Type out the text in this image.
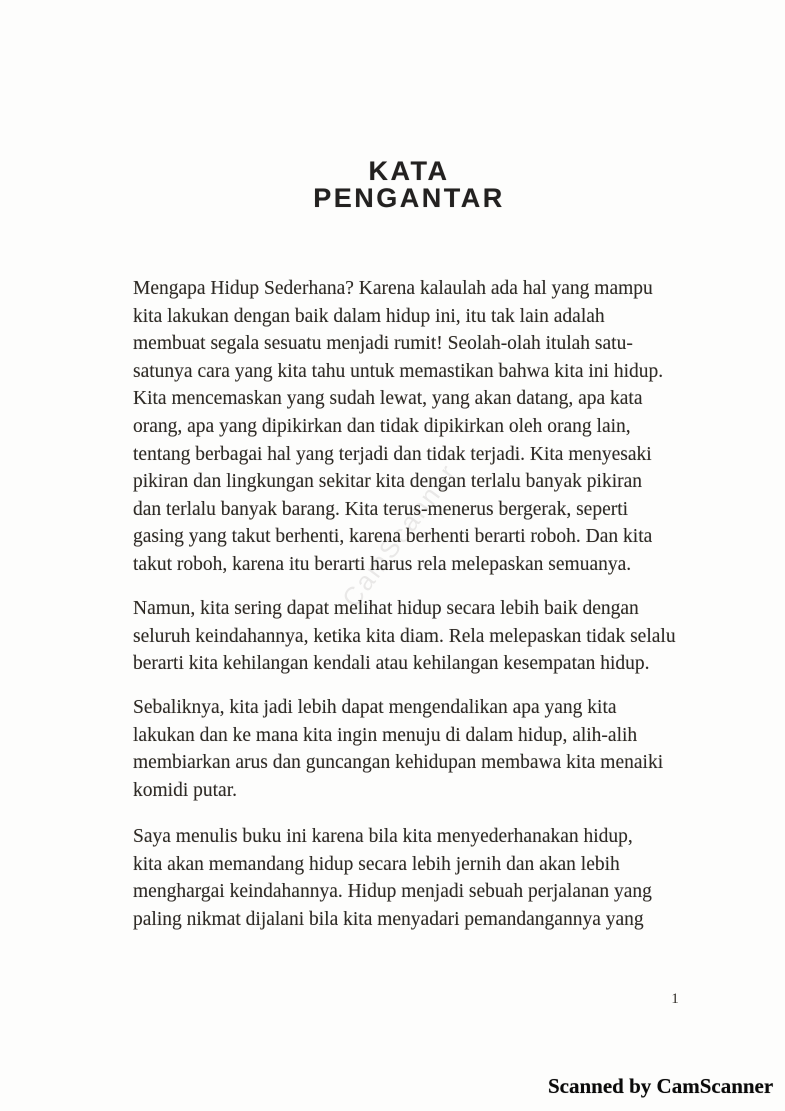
KATA
PENGANTAR
CamScanner
Mengapa Hidup Sederhana? Karena kalaulah ada hal yang mampu
kita lakukan dengan baik dalam hidup ini, itu tak lain adalah
membuat segala sesuatu menjadi rumit! Seolah-olah itulah satu-
satunya cara yang kita tahu untuk memastikan bahwa kita ini hidup.
Kita mencemaskan yang sudah lewat, yang akan datang, apa kata
orang, apa yang dipikirkan dan tidak dipikirkan oleh orang lain,
tentang berbagai hal yang terjadi dan tidak terjadi. Kita menyesaki
pikiran dan lingkungan sekitar kita dengan terlalu banyak pikiran
dan terlalu banyak barang. Kita terus-menerus bergerak, seperti
gasing yang takut berhenti, karena berhenti berarti roboh. Dan kita
takut roboh, karena itu berarti harus rela melepaskan semuanya.
Namun, kita sering dapat melihat hidup secara lebih baik dengan
seluruh keindahannya, ketika kita diam. Rela melepaskan tidak selalu
berarti kita kehilangan kendali atau kehilangan kesempatan hidup.
Sebaliknya, kita jadi lebih dapat mengendalikan apa yang kita
lakukan dan ke mana kita ingin menuju di dalam hidup, alih-alih
membiarkan arus dan guncangan kehidupan membawa kita menaiki
komidi putar.
Saya menulis buku ini karena bila kita menyederhanakan hidup,
kita akan memandang hidup secara lebih jernih dan akan lebih
menghargai keindahannya. Hidup menjadi sebuah perjalanan yang
paling nikmat dijalani bila kita menyadari pemandangannya yang
1
Scanned by CamScanner
